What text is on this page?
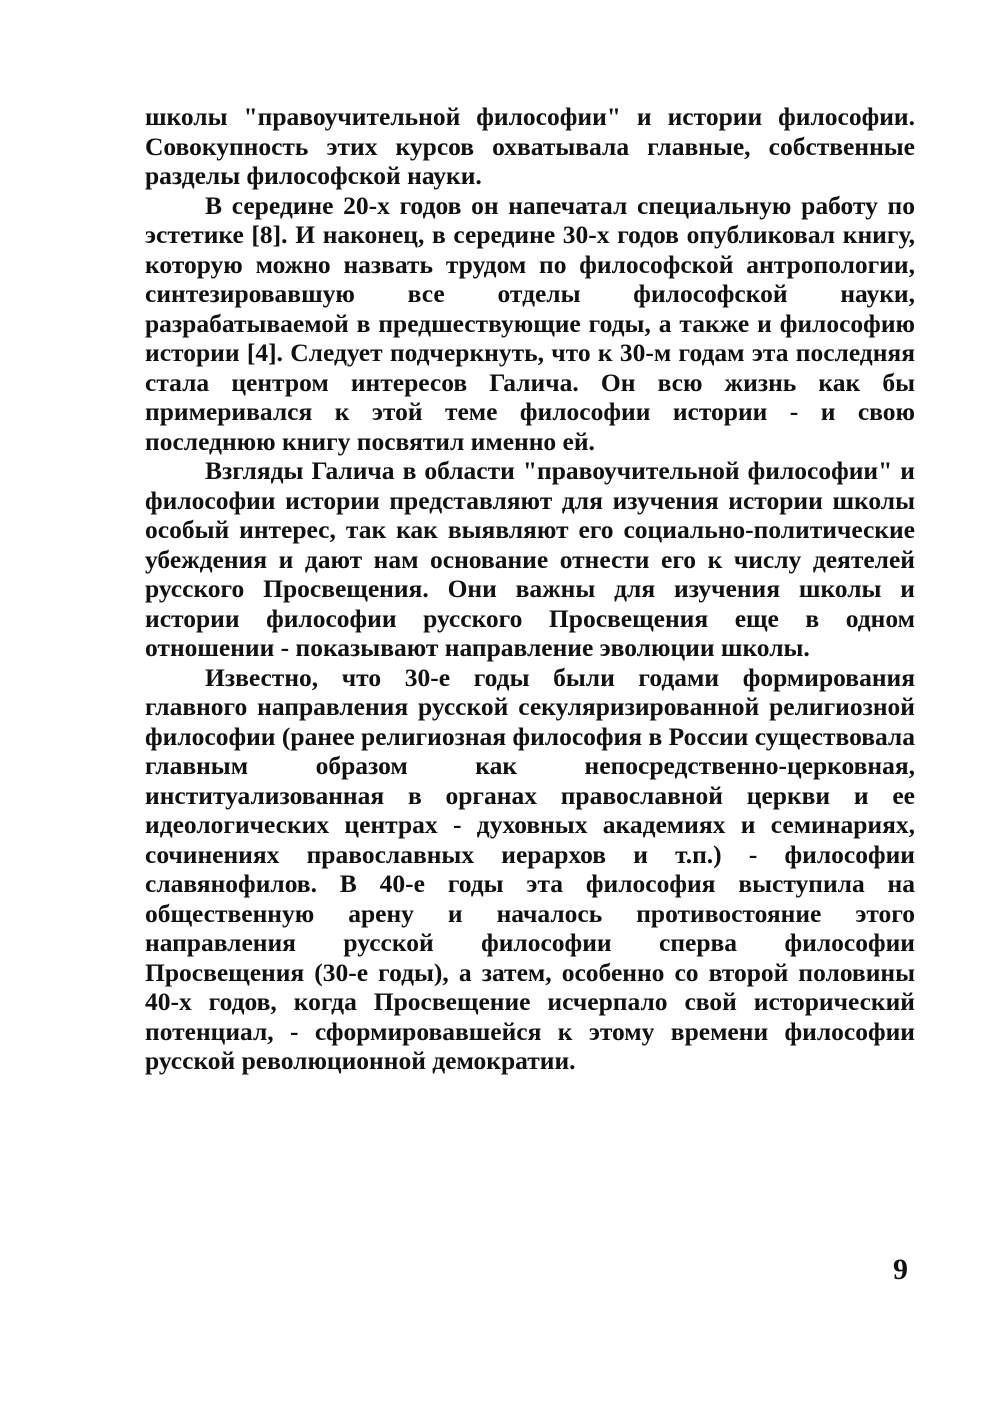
школы "правоучительной философии" и истории философии. Совокупность этих курсов охватывала главные, собственные разделы философской науки.

В середине 20-х годов он напечатал специальную работу по эстетике [8]. И наконец, в середине 30-х годов опубликовал книгу, которую можно назвать трудом по философской антропологии, синтезировавшую все отделы философской науки, разрабатываемой в предшествующие годы, а также и философию истории [4]. Следует подчеркнуть, что к 30-м годам эта последняя стала центром интересов Галича. Он всю жизнь как бы примеривался к этой теме философии истории - и свою последнюю книгу посвятил именно ей.

Взгляды Галича в области "правоучительной философии" и философии истории представляют для изучения истории школы особый интерес, так как выявляют его социально-политические убеждения и дают нам основание отнести его к числу деятелей русского Просвещения. Они важны для изучения школы и истории философии русского Просвещения еще в одном отношении - показывают направление эволюции школы.

Известно, что 30-е годы были годами формирования главного направления русской секуляризированной религиозной философии (ранее религиозная философия в России существовала главным образом как непосредственно-церковная, институализованная в органах православной церкви и ее идеологических центрах - духовных академиях и семинариях, сочинениях православных иерархов и т.п.) - философии славянофилов. В 40-е годы эта философия выступила на общественную арену и началось противостояние этого направления русской философии сперва философии Просвещения (30-е годы), а затем, особенно со второй половины 40-х годов, когда Просвещение исчерпало свой исторический потенциал, - сформировавшейся к этому времени философии русской революционной демократии.

9
